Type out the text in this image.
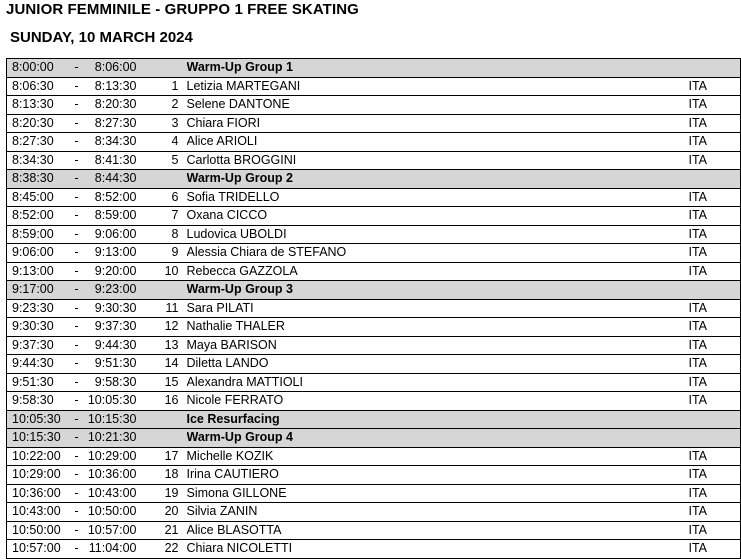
JUNIOR FEMMINILE - GRUPPO 1 FREE SKATING
SUNDAY, 10 MARCH 2024
8:00:00	-	8:06:00		Warm-Up Group 1	
8:06:30	-	8:13:30	1	Letizia MARTEGANI	ITA
8:13:30	-	8:20:30	2	Selene DANTONE	ITA
8:20:30	-	8:27:30	3	Chiara FIORI	ITA
8:27:30	-	8:34:30	4	Alice ARIOLI	ITA
8:34:30	-	8:41:30	5	Carlotta BROGGINI	ITA
8:38:30	-	8:44:30		Warm-Up Group 2	
8:45:00	-	8:52:00	6	Sofia TRIDELLO	ITA
8:52:00	-	8:59:00	7	Oxana CICCO	ITA
8:59:00	-	9:06:00	8	Ludovica UBOLDI	ITA
9:06:00	-	9:13:00	9	Alessia Chiara de STEFANO	ITA
9:13:00	-	9:20:00	10	Rebecca GAZZOLA	ITA
9:17:00	-	9:23:00		Warm-Up Group 3	
9:23:30	-	9:30:30	11	Sara PILATI	ITA
9:30:30	-	9:37:30	12	Nathalie THALER	ITA
9:37:30	-	9:44:30	13	Maya BARISON	ITA
9:44:30	-	9:51:30	14	Diletta LANDO	ITA
9:51:30	-	9:58:30	15	Alexandra MATTIOLI	ITA
9:58:30	-	10:05:30	16	Nicole FERRATO	ITA
10:05:30	-	10:15:30		Ice Resurfacing	
10:15:30	-	10:21:30		Warm-Up Group 4	
10:22:00	-	10:29:00	17	Michelle KOZIK	ITA
10:29:00	-	10:36:00	18	Irina CAUTIERO	ITA
10:36:00	-	10:43:00	19	Simona GILLONE	ITA
10:43:00	-	10:50:00	20	Silvia ZANIN	ITA
10:50:00	-	10:57:00	21	Alice BLASOTTA	ITA
10:57:00	-	11:04:00	22	Chiara NICOLETTI	ITA
